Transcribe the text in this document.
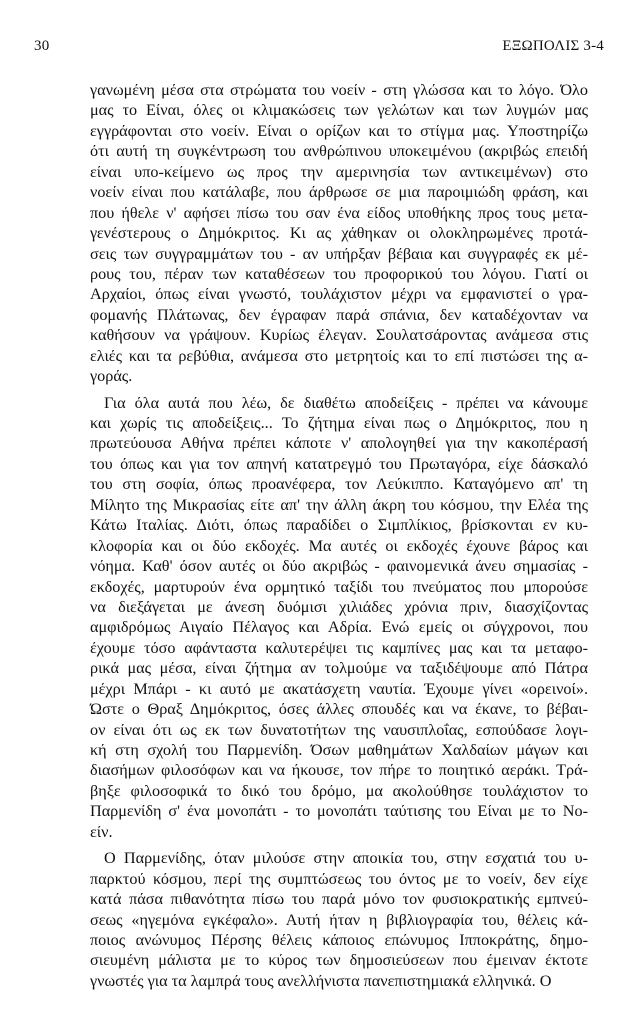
30	ΕΞΩΠΟΛΙΣ 3-4
γανωμένη μέσα στα στρώματα του νοείν - στη γλώσσα και το λόγο. Όλο
μας το Είναι, όλες οι κλιμακώσεις των γελώτων και των λυγμών μας
εγγράφονται στο νοείν. Είναι ο ορίζων και το στίγμα μας. Υποστηρίζω
ότι αυτή τη συγκέντρωση του ανθρώπινου υποκειμένου (ακριβώς επειδή
είναι υπο-κείμενο ως προς την αμερινησία των αντικειμένων) στο
νοείν είναι που κατάλαβε, που άρθρωσε σε μια παροιμιώδη φράση, και
που ήθελε ν' αφήσει πίσω του σαν ένα είδος υποθήκης προς τους μετα-
γενέστερους ο Δημόκριτος. Κι ας χάθηκαν οι ολοκληρωμένες προτά-
σεις των συγγραμμάτων του - αν υπήρξαν βέβαια και συγγραφές εκ μέ-
ρους του, πέραν των καταθέσεων του προφορικού του λόγου. Γιατί οι
Αρχαίοι, όπως είναι γνωστό, τουλάχιστον μέχρι να εμφανιστεί ο γρα-
φομανής Πλάτωνας, δεν έγραφαν παρά σπάνια, δεν καταδέχονταν να
καθήσουν να γράψουν. Κυρίως έλεγαν. Σουλατσάροντας ανάμεσα στις
ελιές και τα ρεβύθια, ανάμεσα στο μετρητοίς και το επί πιστώσει της α-
γοράς.
Για όλα αυτά που λέω, δε διαθέτω αποδείξεις - πρέπει να κάνουμε
και χωρίς τις αποδείξεις... Το ζήτημα είναι πως ο Δημόκριτος, που η
πρωτεύουσα Αθήνα πρέπει κάποτε ν' απολογηθεί για την κακοπέρασή
του όπως και για τον απηνή κατατρεγμό του Πρωταγόρα, είχε δάσκαλό
του στη σοφία, όπως προανέφερα, τον Λεύκιππο. Καταγόμενο απ' τη
Μίλητο της Μικρασίας είτε απ' την άλλη άκρη του κόσμου, την Ελέα της
Κάτω Ιταλίας. Διότι, όπως παραδίδει ο Σιμπλίκιος, βρίσκονται εν κυ-
κλοφορία και οι δύο εκδοχές. Μα αυτές οι εκδοχές έχουνε βάρος και
νόημα. Καθ' όσον αυτές οι δύο ακριβώς - φαινομενικά άνευ σημασίας -
εκδοχές, μαρτυρούν ένα ορμητικό ταξίδι του πνεύματος που μπορούσε
να διεξάγεται με άνεση δυόμισι χιλιάδες χρόνια πριν, διασχίζοντας
αμφιδρόμως Αιγαίο Πέλαγος και Αδρία. Ενώ εμείς οι σύγχρονοι, που
έχουμε τόσο αφάνταστα καλυτερέψει τις καμπίνες μας και τα μεταφο-
ρικά μας μέσα, είναι ζήτημα αν τολμούμε να ταξιδέψουμε από Πάτρα
μέχρι Μπάρι - κι αυτό με ακατάσχετη ναυτία. Έχουμε γίνει «ορεινοί».
Ώστε ο Θραξ Δημόκριτος, όσες άλλες σπουδές και να έκανε, το βέβαι-
ον είναι ότι ως εκ των δυνατοτήτων της ναυσιπλοΐας, εσπούδασε λογι-
κή στη σχολή του Παρμενίδη. Όσων μαθημάτων Χαλδαίων μάγων και
διασήμων φιλοσόφων και να ήκουσε, τον πήρε το ποιητικό αεράκι. Τρά-
βηξε φιλοσοφικά το δικό του δρόμο, μα ακολούθησε τουλάχιστον το
Παρμενίδη σ' ένα μονοπάτι - το μονοπάτι ταύτισης του Είναι με το Νο-
είν.
Ο Παρμενίδης, όταν μιλούσε στην αποικία του, στην εσχατιά του υ-
παρκτού κόσμου, περί της συμπτώσεως του όντος με το νοείν, δεν είχε
κατά πάσα πιθανότητα πίσω του παρά μόνο τον φυσιοκρατικής εμπνεύ-
σεως «ηγεμόνα εγκέφαλο». Αυτή ήταν η βιβλιογραφία του, θέλεις κά-
ποιος ανώνυμος Πέρσης θέλεις κάποιος επώνυμος Ιπποκράτης, δημο-
σιευμένη μάλιστα με το κύρος των δημοσιεύσεων που έμειναν έκτοτε
γνωστές για τα λαμπρά τους ανελλήνιστα πανεπιστημιακά ελληνικά. Ο
